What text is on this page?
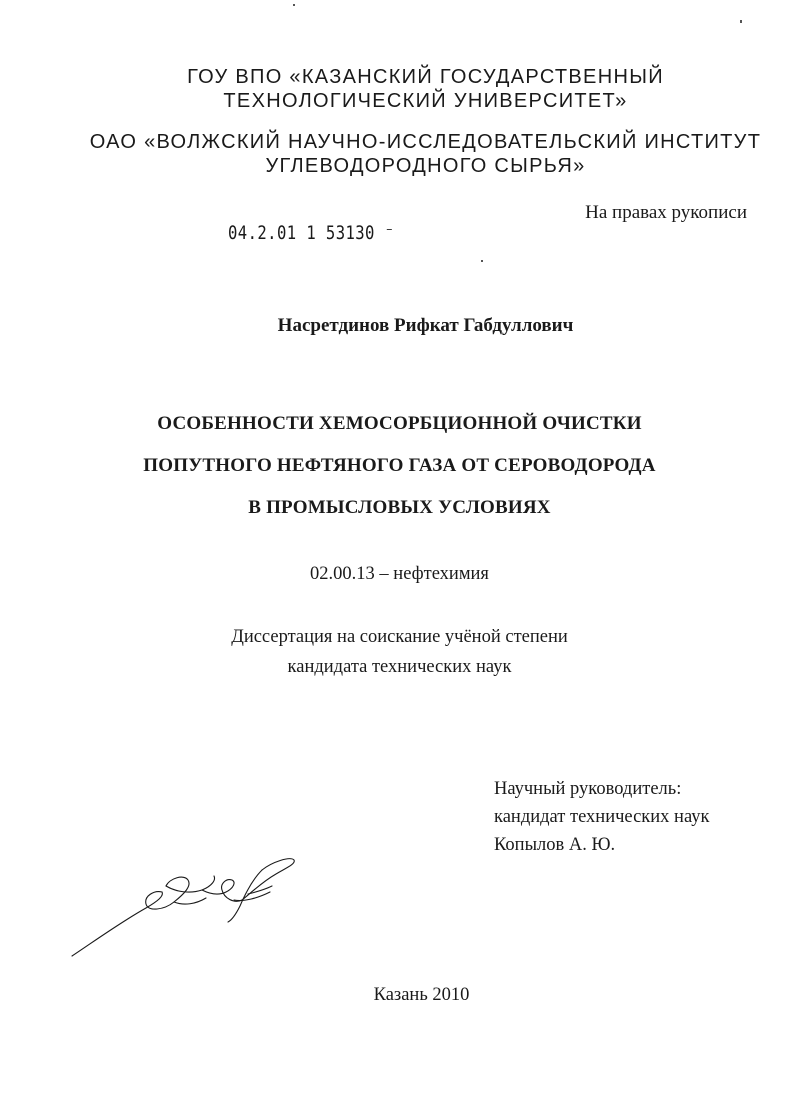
ГОУ ВПО «КАЗАНСКИЙ ГОСУДАРСТВЕННЫЙ
ТЕХНОЛОГИЧЕСКИЙ УНИВЕРСИТЕТ»
ОАО «ВОЛЖСКИЙ НАУЧНО-ИССЛЕДОВАТЕЛЬСКИЙ ИНСТИТУТ
УГЛЕВОДОРОДНОГО СЫРЬЯ»
На правах рукописи
04.2.01 1 53130 ⁻
Насретдинов Рифкат Габдуллович
ОСОБЕННОСТИ ХЕМОСОРБЦИОННОЙ ОЧИСТКИ
ПОПУТНОГО НЕФТЯНОГО ГАЗА ОТ СЕРОВОДОРОДА
В ПРОМЫСЛОВЫХ УСЛОВИЯХ
02.00.13 – нефтехимия
Диссертация на соискание учёной степени
кандидата технических наук
Научный руководитель:
кандидат технических наук
Копылов А. Ю.
Казань 2010
